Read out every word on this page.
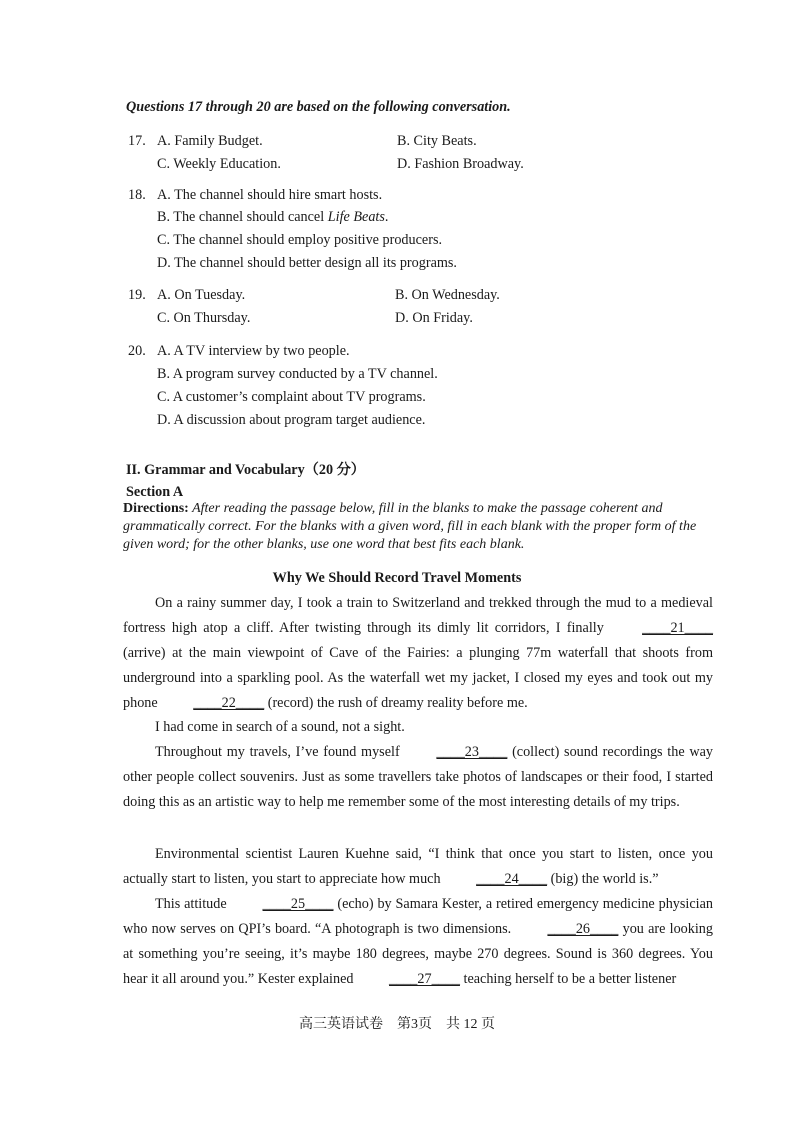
Questions 17 through 20 are based on the following conversation.
17. A. Family Budget.	B. City Beats.
C. Weekly Education.	D. Fashion Broadway.
18. A. The channel should hire smart hosts.
B. The channel should cancel Life Beats.
C. The channel should employ positive producers.
D. The channel should better design all its programs.
19. A. On Tuesday.	B. On Wednesday.
C. On Thursday.	D. On Friday.
20. A. A TV interview by two people.
B. A program survey conducted by a TV channel.
C. A customer’s complaint about TV programs.
D. A discussion about program target audience.
II. Grammar and Vocabulary（20 分）
Section A
Directions: After reading the passage below, fill in the blanks to make the passage coherent and grammatically correct. For the blanks with a given word, fill in each blank with the proper form of the given word; for the other blanks, use one word that best fits each blank.
Why We Should Record Travel Moments
On a rainy summer day, I took a train to Switzerland and trekked through the mud to a medieval fortress high atop a cliff. After twisting through its dimly lit corridors, I finally ____21____ (arrive) at the main viewpoint of Cave of the Fairies: a plunging 77m waterfall that shoots from underground into a sparkling pool. As the waterfall wet my jacket, I closed my eyes and took out my phone ____22____ (record) the rush of dreamy reality before me.
I had come in search of a sound, not a sight.
Throughout my travels, I’ve found myself ____23____ (collect) sound recordings the way other people collect souvenirs. Just as some travellers take photos of landscapes or their food, I started doing this as an artistic way to help me remember some of the most interesting details of my trips.
Environmental scientist Lauren Kuehne said, “I think that once you start to listen, once you actually start to listen, you start to appreciate how much ____24____ (big) the world is.”
This attitude ____25____ (echo) by Samara Kester, a retired emergency medicine physician who now serves on QPI’s board. “A photograph is two dimensions. ____26____ you are looking at something you’re seeing, it’s maybe 180 degrees, maybe 270 degrees. Sound is 360 degrees. You hear it all around you.” Kester explained ____27____ teaching herself to be a better listener
高三英语试卷　第3页　共 12 页
